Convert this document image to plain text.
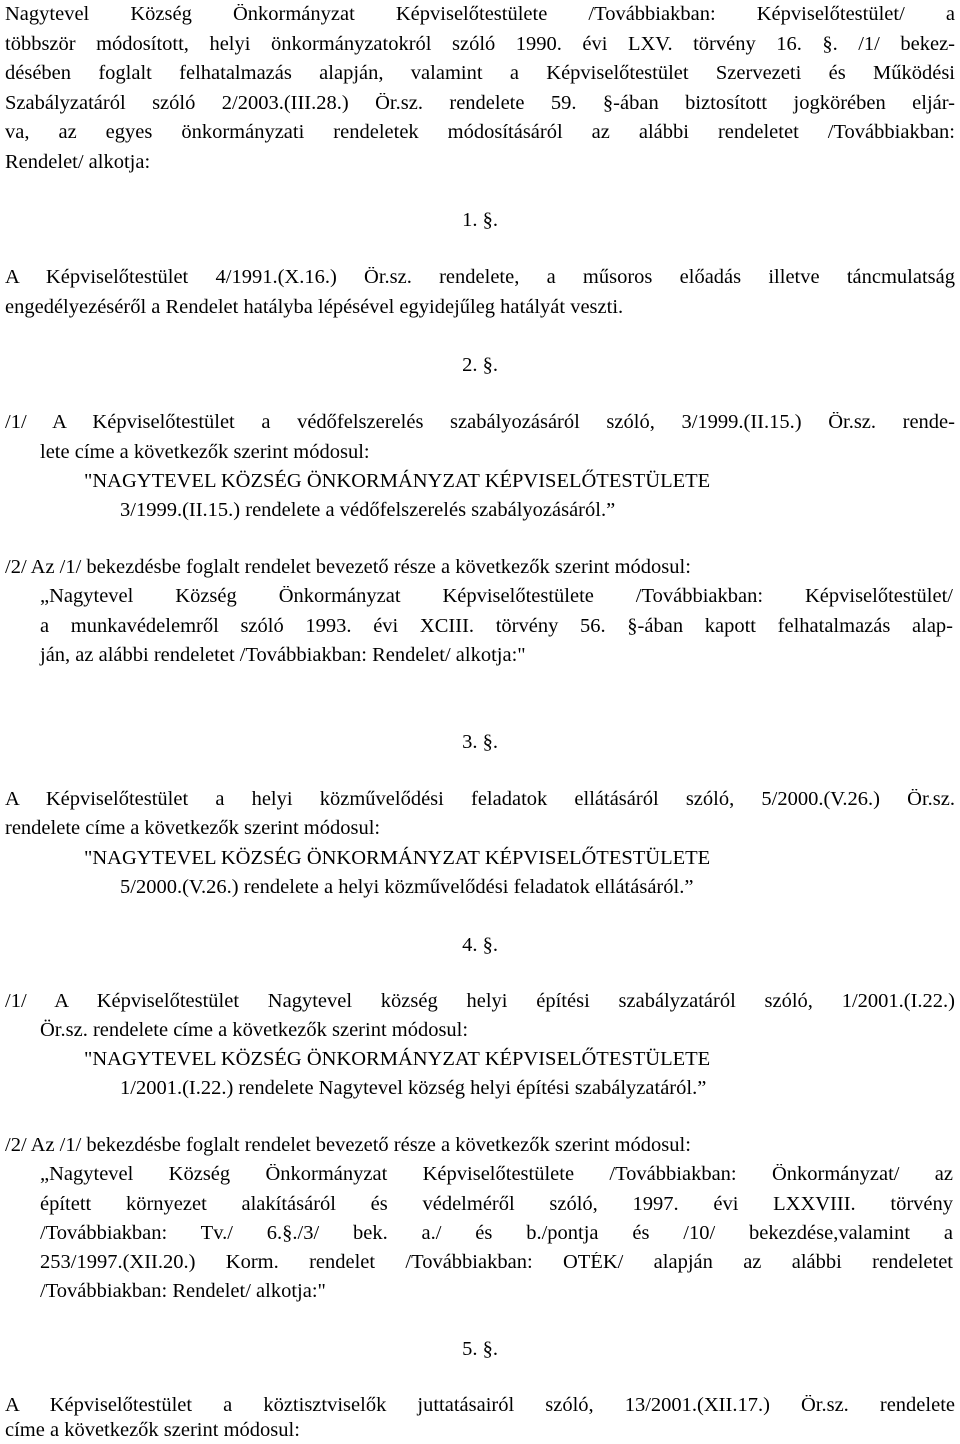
Nagytevel Község Önkormányzat Képviselőtestülete /Továbbiakban: Képviselőtestület/ a
többször módosított, helyi önkormányzatokról szóló 1990. évi LXV. törvény 16. §. /1/ bekez-
désében foglalt felhatalmazás alapján, valamint a Képviselőtestület Szervezeti és Működési
Szabályzatáról szóló 2/2003.(III.28.) Ör.sz. rendelete 59. §-ában biztosított jogkörében eljár-
va, az egyes önkormányzati rendeletek módosításáról az alábbi rendeletet /Továbbiakban:
Rendelet/ alkotja:
1. §.
A Képviselőtestület 4/1991.(X.16.) Ör.sz. rendelete, a műsoros előadás illetve táncmulatság
engedélyezéséről a Rendelet hatályba lépésével egyidejűleg hatályát veszti.
2. §.
/1/ A Képviselőtestület a védőfelszerelés szabályozásáról szóló, 3/1999.(II.15.) Ör.sz. rende-
lete címe a következők szerint módosul:
"NAGYTEVEL KÖZSÉG ÖNKORMÁNYZAT KÉPVISELŐTESTÜLETE
3/1999.(II.15.) rendelete a védőfelszerelés szabályozásáról.”
/2/ Az /1/ bekezdésbe foglalt rendelet bevezető része a következők szerint módosul:
„Nagytevel Község Önkormányzat Képviselőtestülete /Továbbiakban: Képviselőtestület/
a munkavédelemről szóló 1993. évi XCIII. törvény 56. §-ában kapott felhatalmazás alap-
ján, az alábbi rendeletet /Továbbiakban: Rendelet/ alkotja:"
3. §.
A Képviselőtestület a helyi közművelődési feladatok ellátásáról szóló, 5/2000.(V.26.) Ör.sz.
rendelete címe a következők szerint módosul:
"NAGYTEVEL KÖZSÉG ÖNKORMÁNYZAT KÉPVISELŐTESTÜLETE
5/2000.(V.26.) rendelete a helyi közművelődési feladatok ellátásáról.”
4. §.
/1/ A Képviselőtestület Nagytevel község helyi építési szabályzatáról szóló, 1/2001.(I.22.)
Ör.sz. rendelete címe a következők szerint módosul:
"NAGYTEVEL KÖZSÉG ÖNKORMÁNYZAT KÉPVISELŐTESTÜLETE
1/2001.(I.22.) rendelete Nagytevel község helyi építési szabályzatáról.”
/2/ Az /1/ bekezdésbe foglalt rendelet bevezető része a következők szerint módosul:
„Nagytevel Község Önkormányzat Képviselőtestülete /Továbbiakban: Önkormányzat/ az
épített környezet alakításáról és védelméről szóló, 1997. évi LXXVIII. törvény
/Továbbiakban: Tv./ 6.§./3/ bek. a./ és b./pontja és /10/ bekezdése,valamint a
253/1997.(XII.20.) Korm. rendelet /Továbbiakban: OTÉK/ alapján az alábbi rendeletet
/Továbbiakban: Rendelet/ alkotja:"
5. §.
A Képviselőtestület a köztisztviselők juttatásairól szóló, 13/2001.(XII.17.) Ör.sz. rendelete
címe a következők szerint módosul:
